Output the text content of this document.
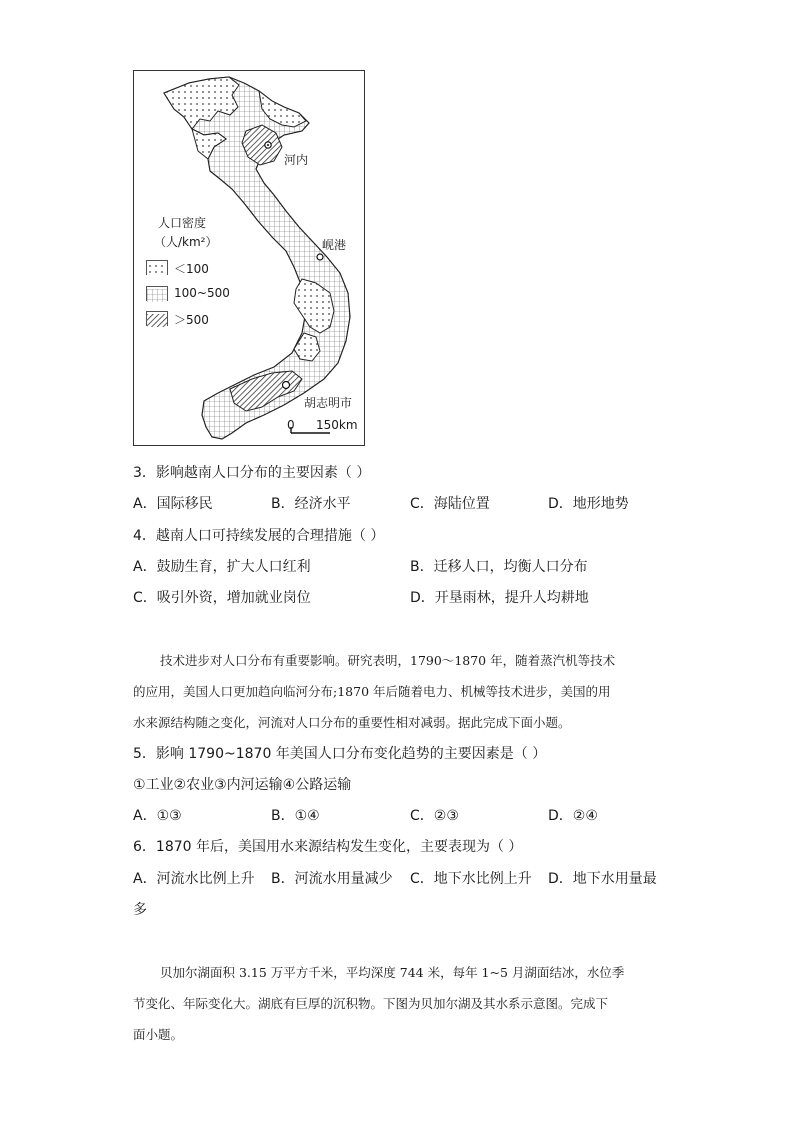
河内
岘港
胡志明市
人口密度
（人/km²）
＜100
100~500
＞500
0 150km
3．影响越南人口分布的主要因素（ ）
A．国际移民	B．经济水平	C．海陆位置	D．地形地势
4．越南人口可持续发展的合理措施（ ）
A．鼓励生育，扩大人口红利	B．迁移人口，均衡人口分布
C．吸引外资，增加就业岗位	D．开垦雨林，提升人均耕地
技术进步对人口分布有重要影响。研究表明，1790～1870 年，随着蒸汽机等技术
的应用，美国人口更加趋向临河分布;1870 年后随着电力、机械等技术进步，美国的用
水来源结构随之变化，河流对人口分布的重要性相对减弱。据此完成下面小题。
5．影响 1790~1870 年美国人口分布变化趋势的主要因素是（ ）
①工业②农业③内河运输④公路运输
A．①③	B．①④	C．②③	D．②④
6．1870 年后，美国用水来源结构发生变化，主要表现为（ ）
A．河流水比例上升 B．河流水用量减少 C．地下水比例上升 D．地下水用量最
多
贝加尔湖面积 3.15 万平方千米，平均深度 744 米，每年 1~5 月湖面结冰，水位季
节变化、年际变化大。湖底有巨厚的沉积物。下图为贝加尔湖及其水系示意图。完成下
面小题。
